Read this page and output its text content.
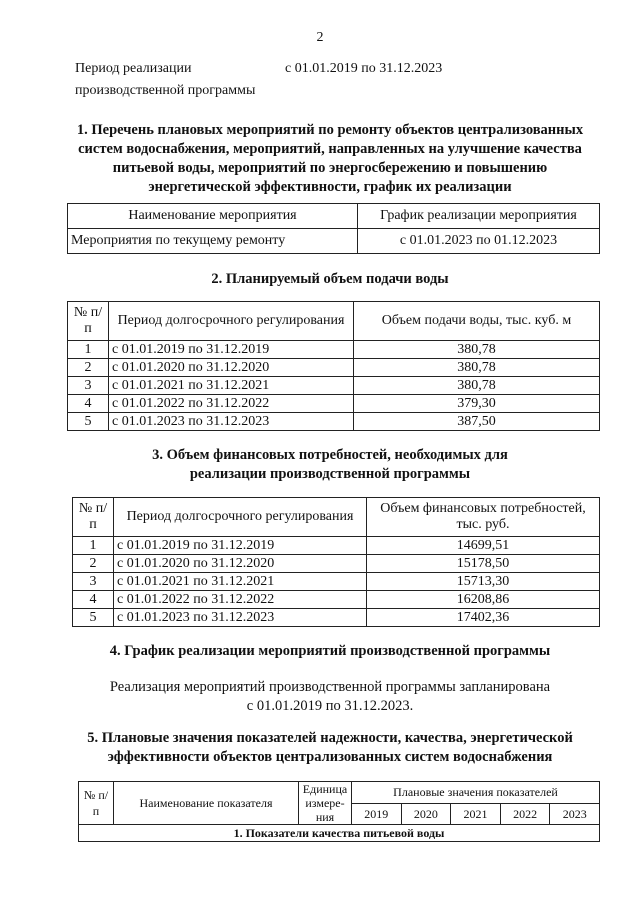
2
Период реализации
производственной программы
с 01.01.2019 по 31.12.2023
1. Перечень плановых мероприятий по ремонту объектов централизованных систем водоснабжения, мероприятий, направленных на улучшение качества питьевой воды, мероприятий по энергосбережению и повышению энергетической эффективности, график их реализации
Наименование мероприятия	График реализации мероприятия
Мероприятия по текущему ремонту	с 01.01.2023 по 01.12.2023
2. Планируемый объем подачи воды
№ п/п	Период долгосрочного регулирования	Объем подачи воды, тыс. куб. м
1	с 01.01.2019 по 31.12.2019	380,78
2	с 01.01.2020 по 31.12.2020	380,78
3	с 01.01.2021 по 31.12.2021	380,78
4	с 01.01.2022 по 31.12.2022	379,30
5	с 01.01.2023 по 31.12.2023	387,50
3. Объем финансовых потребностей, необходимых для
реализации производственной программы
№ п/п	Период долгосрочного регулирования	Объем финансовых потребностей, тыс. руб.
1	с 01.01.2019 по 31.12.2019	14699,51
2	с 01.01.2020 по 31.12.2020	15178,50
3	с 01.01.2021 по 31.12.2021	15713,30
4	с 01.01.2022 по 31.12.2022	16208,86
5	с 01.01.2023 по 31.12.2023	17402,36
4. График реализации мероприятий производственной программы
Реализация мероприятий производственной программы запланирована
с 01.01.2019 по 31.12.2023.
5. Плановые значения показателей надежности, качества, энергетической
эффективности объектов централизованных систем водоснабжения
№ п/п	Наименование показателя	Единица измере-ния	Плановые значения показателей				
			2019	2020	2021	2022	2023
1. Показатели качества питьевой воды							
